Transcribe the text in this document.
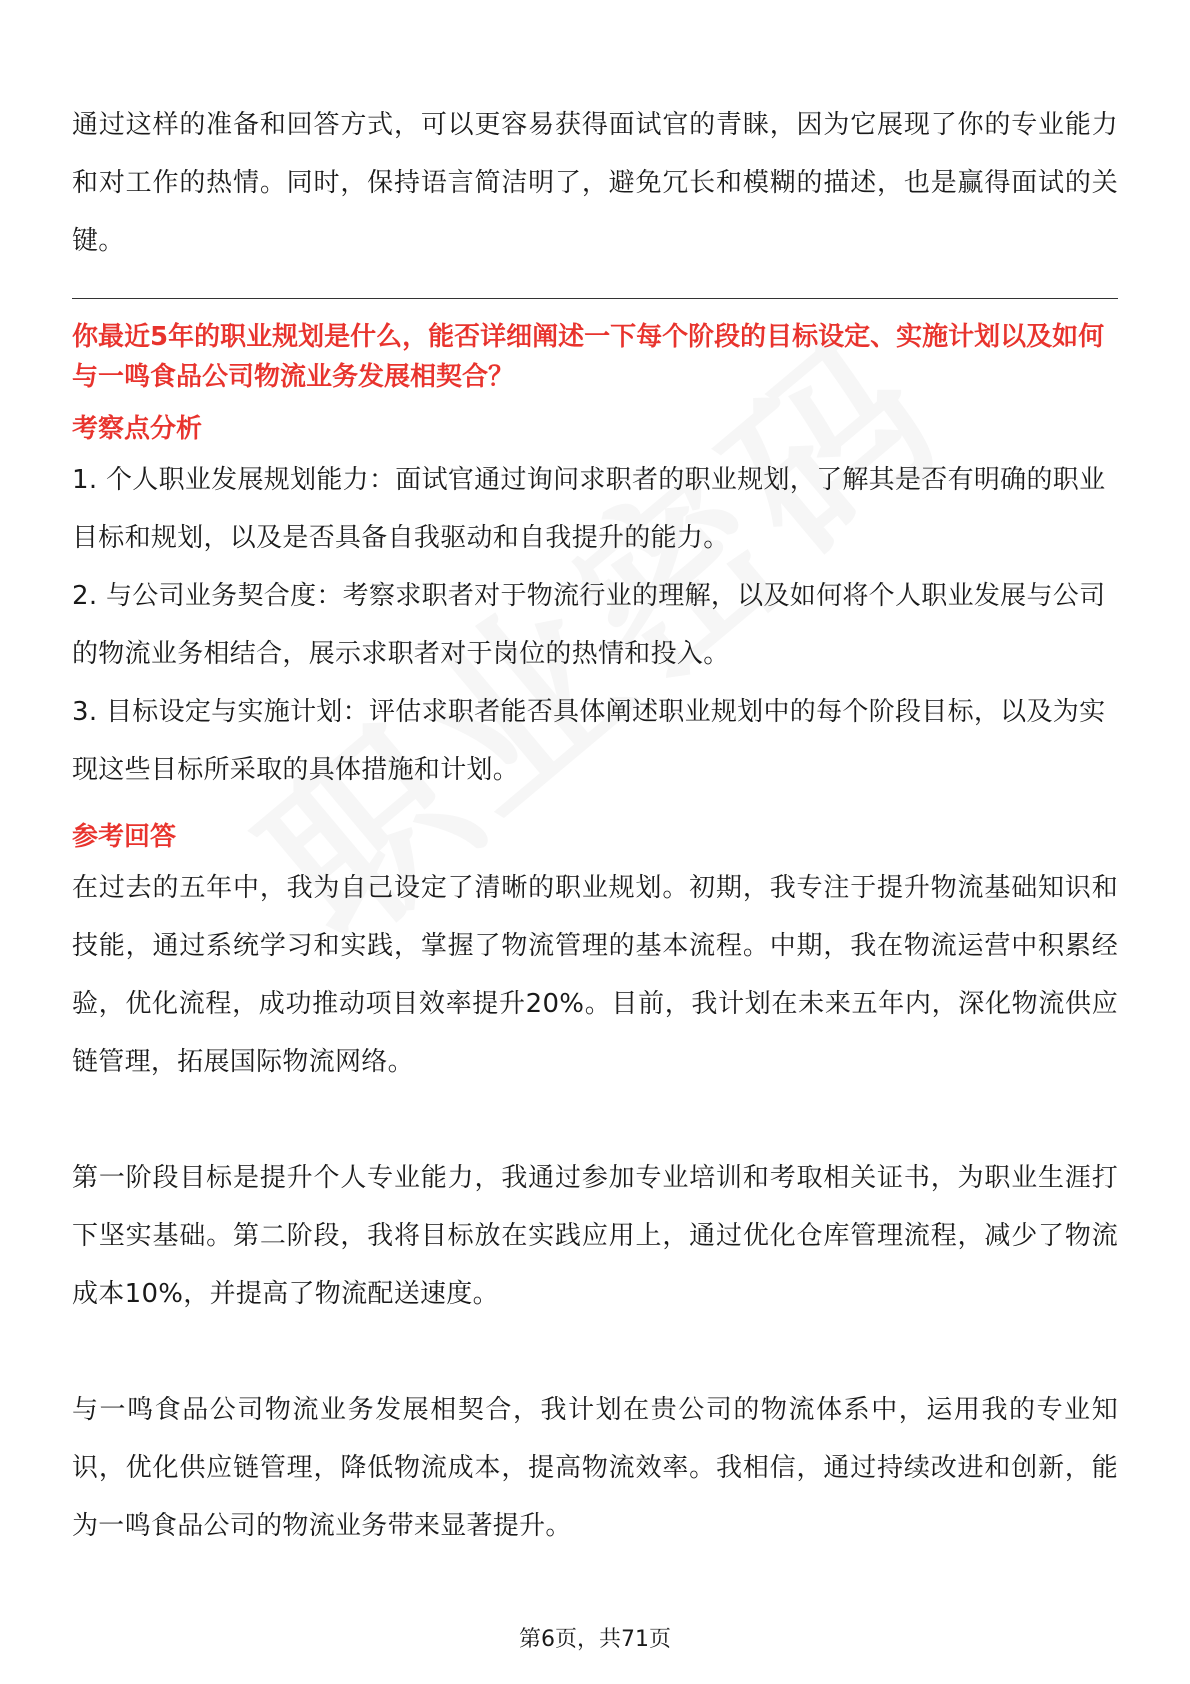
通过这样的准备和回答方式，可以更容易获得面试官的青睐，因为它展现了你的专业能力和对工作的热情。同时，保持语言简洁明了，避免冗长和模糊的描述，也是赢得面试的关键。

你最近5年的职业规划是什么，能否详细阐述一下每个阶段的目标设定、实施计划以及如何与一鸣食品公司物流业务发展相契合？

考察点分析

1. 个人职业发展规划能力：面试官通过询问求职者的职业规划，了解其是否有明确的职业目标和规划，以及是否具备自我驱动和自我提升的能力。

2. 与公司业务契合度：考察求职者对于物流行业的理解，以及如何将个人职业发展与公司的物流业务相结合，展示求职者对于岗位的热情和投入。

3. 目标设定与实施计划：评估求职者能否具体阐述职业规划中的每个阶段目标，以及为实现这些目标所采取的具体措施和计划。

参考回答

在过去的五年中，我为自己设定了清晰的职业规划。初期，我专注于提升物流基础知识和技能，通过系统学习和实践，掌握了物流管理的基本流程。中期，我在物流运营中积累经验，优化流程，成功推动项目效率提升20%。目前，我计划在未来五年内，深化物流供应链管理，拓展国际物流网络。

第一阶段目标是提升个人专业能力，我通过参加专业培训和考取相关证书，为职业生涯打下坚实基础。第二阶段，我将目标放在实践应用上，通过优化仓库管理流程，减少了物流成本10%，并提高了物流配送速度。

与一鸣食品公司物流业务发展相契合，我计划在贵公司的物流体系中，运用我的专业知识，优化供应链管理，降低物流成本，提高物流效率。我相信，通过持续改进和创新，能为一鸣食品公司的物流业务带来显著提升。

第6页，共71页
